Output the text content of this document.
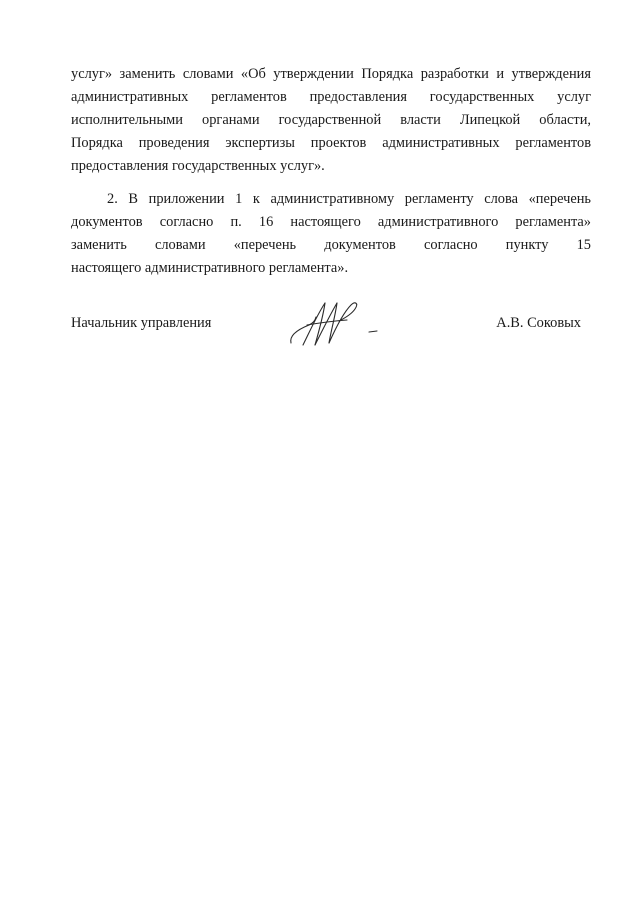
услуг» заменить словами «Об утверждении Порядка разработки и утверждения
административных регламентов предоставления государственных услуг
исполнительными органами государственной власти Липецкой области,
Порядка проведения экспертизы проектов административных регламентов
предоставления государственных услуг».

2. В приложении 1 к административному регламенту слова «перечень
документов согласно п. 16 настоящего административного регламента»
заменить словами «перечень документов согласно пункту 15
настоящего административного регламента».

Начальник управления	А.В. Соковых
